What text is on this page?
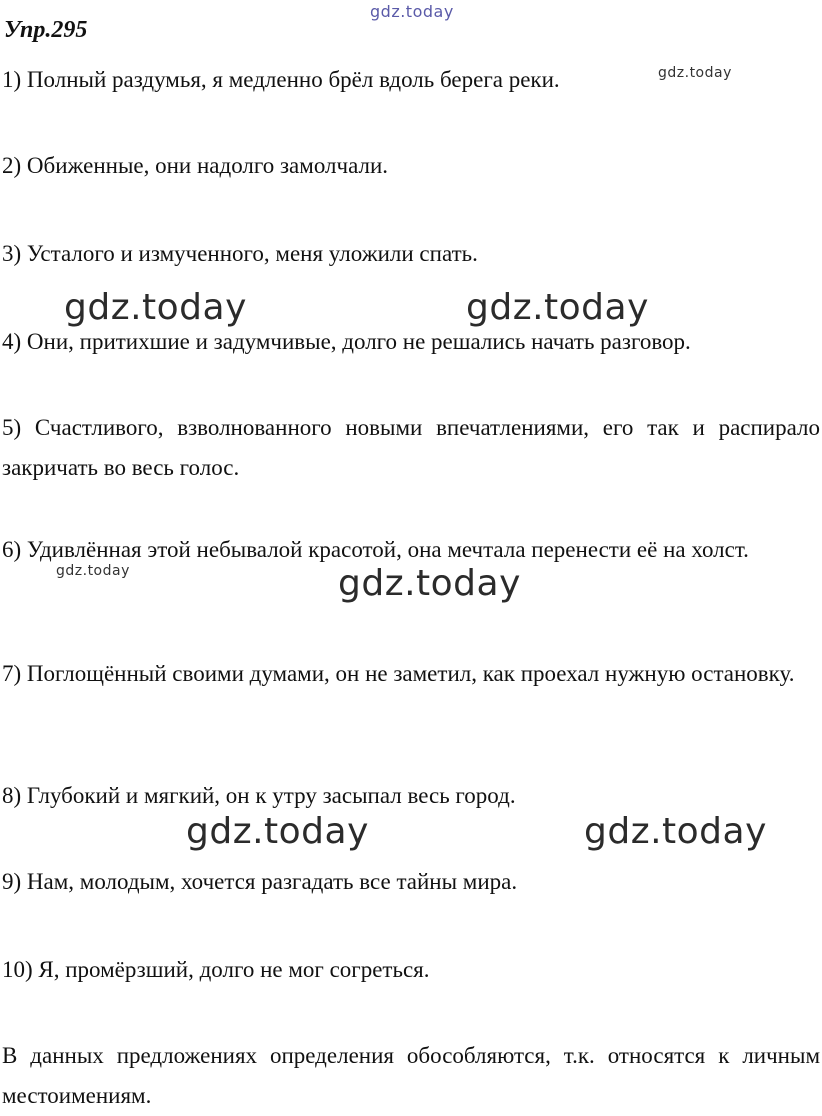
gdz.today
Упр.295

1) Полный раздумья, я медленно брёл вдоль берега реки.	gdz.today

2) Обиженные, они надолго замолчали.

3) Усталого и измученного, меня уложили спать.

gdz.today	gdz.today

4) Они, притихшие и задумчивые, долго не решались начать разговор.

5) Счастливого, взволнованного новыми впечатлениями, его так и распирало закричать во весь голос.

6) Удивлённая этой небывалой красотой, она мечтала перенести её на холст.

gdz.today	gdz.today

7) Поглощённый своими думами, он не заметил, как проехал нужную остановку.

8) Глубокий и мягкий, он к утру засыпал весь город.

gdz.today	gdz.today

9) Нам, молодым, хочется разгадать все тайны мира.

10) Я, промёрзший, долго не мог согреться.

В данных предложениях определения обособляются, т.к. относятся к личным местоимениям.
